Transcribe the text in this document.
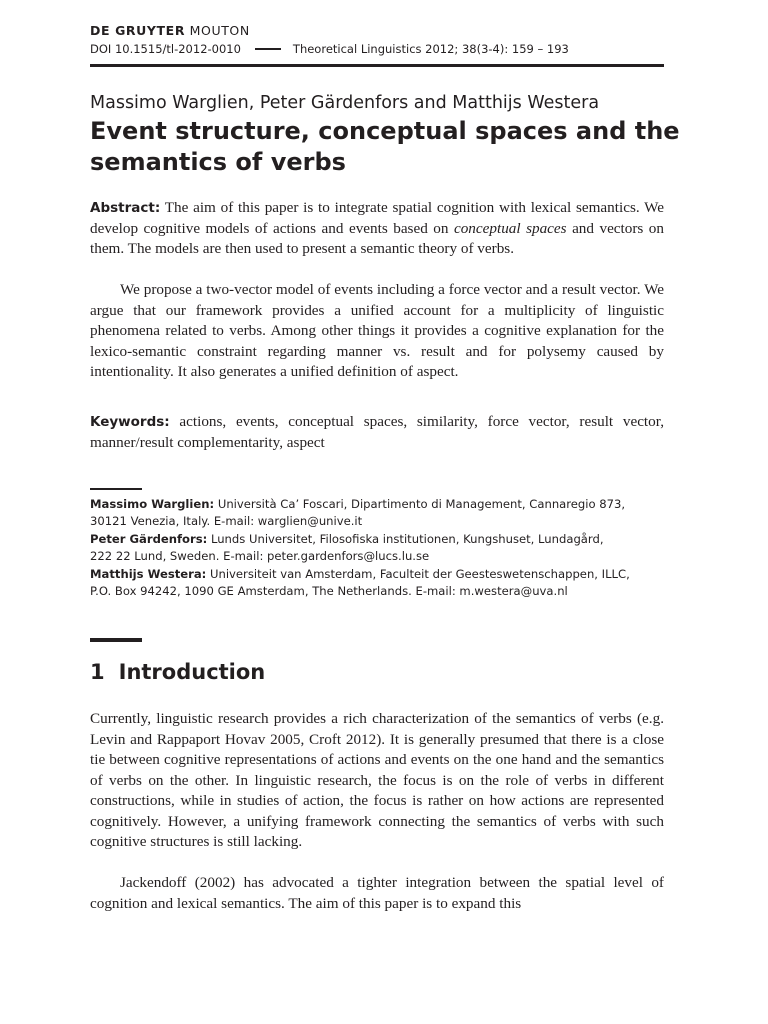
DE GRUYTER MOUTON
DOI 10.1515/tl-2012-0010	Theoretical Linguistics 2012; 38(3-4): 159 – 193
Massimo Warglien, Peter Gärdenfors and Matthijs Westera
Event structure, conceptual spaces and the semantics of verbs

Abstract: The aim of this paper is to integrate spatial cognition with lexical semantics. We develop cognitive models of actions and events based on conceptual spaces and vectors on them. The models are then used to present a semantic theory of verbs.

We propose a two-vector model of events including a force vector and a result vector. We argue that our framework provides a unified account for a multiplicity of linguistic phenomena related to verbs. Among other things it provides a cognitive explanation for the lexico-semantic constraint regarding manner vs. result and for polysemy caused by intentionality. It also generates a unified definition of aspect.

Keywords: actions, events, conceptual spaces, similarity, force vector, result vector, manner/result complementarity, aspect

Massimo Warglien: Università Ca’ Foscari, Dipartimento di Management, Cannaregio 873,
30121 Venezia, Italy. E-mail: warglien@unive.it
Peter Gärdenfors: Lunds Universitet, Filosofiska institutionen, Kungshuset, Lundagård,
222 22 Lund, Sweden. E-mail: peter.gardenfors@lucs.lu.se
Matthijs Westera: Universiteit van Amsterdam, Faculteit der Geesteswetenschappen, ILLC,
P.O. Box 94242, 1090 GE Amsterdam, The Netherlands. E-mail: m.westera@uva.nl
1 Introduction

Currently, linguistic research provides a rich characterization of the semantics of verbs (e.g. Levin and Rappaport Hovav 2005, Croft 2012). It is generally presumed that there is a close tie between cognitive representations of actions and events on the one hand and the semantics of verbs on the other. In linguistic research, the focus is on the role of verbs in different constructions, while in studies of action, the focus is rather on how actions are represented cognitively. However, a unifying framework connecting the semantics of verbs with such cognitive structures is still lacking.

Jackendoff (2002) has advocated a tighter integration between the spatial level of cognition and lexical semantics. The aim of this paper is to expand this
